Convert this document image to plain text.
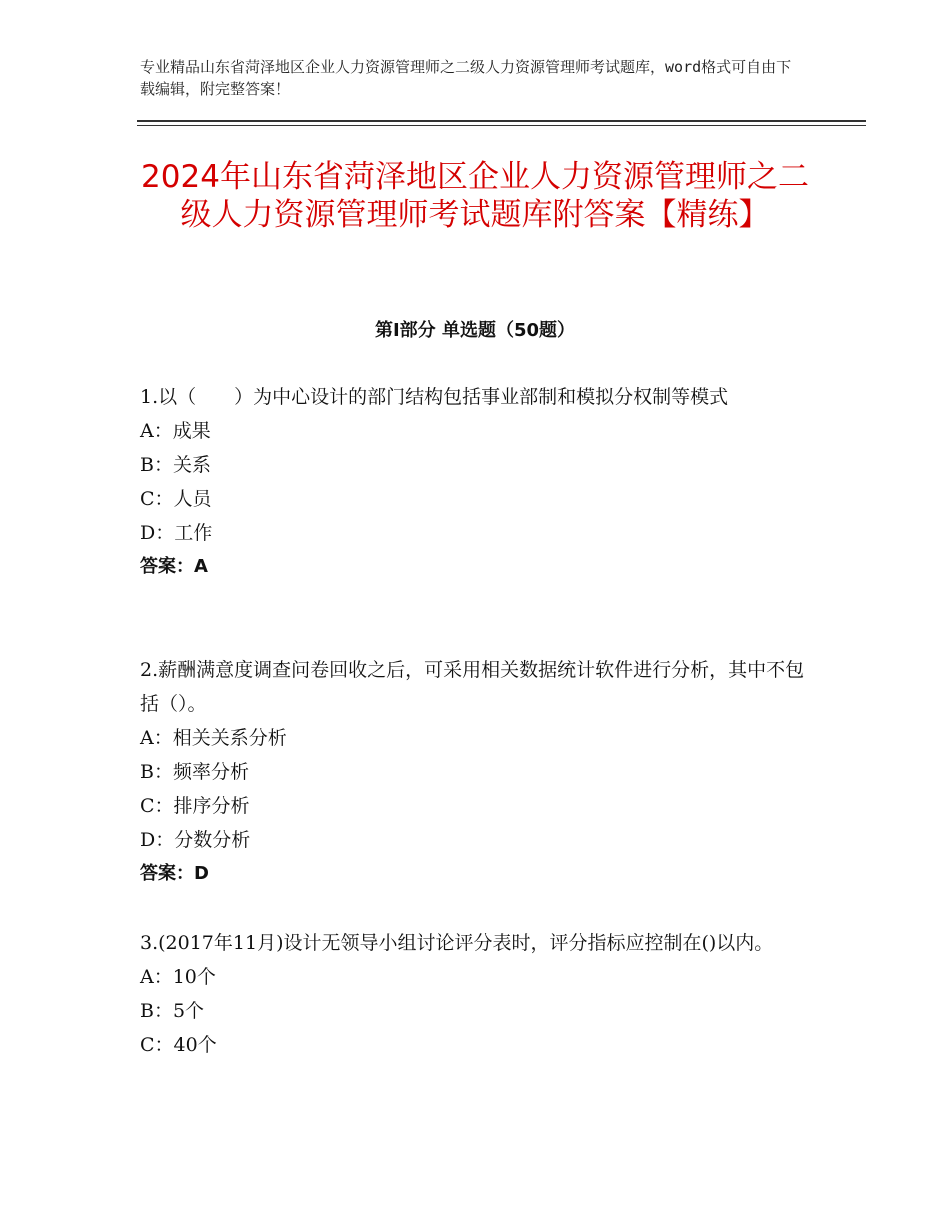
专业精品山东省菏泽地区企业人力资源管理师之二级人力资源管理师考试题库，word格式可自由下载编辑，附完整答案！
2024年山东省菏泽地区企业人力资源管理师之二级人力资源管理师考试题库附答案【精练】
第Ⅰ部分 单选题（50题）
1.以（　　）为中心设计的部门结构包括事业部制和模拟分权制等模式
A：成果
B：关系
C：人员
D：工作
答案：A
2.薪酬满意度调查问卷回收之后，可采用相关数据统计软件进行分析，其中不包括（）。
A：相关关系分析
B：频率分析
C：排序分析
D：分数分析
答案：D
3.(2017年11月)设计无领导小组讨论评分表时，评分指标应控制在()以内。
A：10个
B：5个
C：40个
